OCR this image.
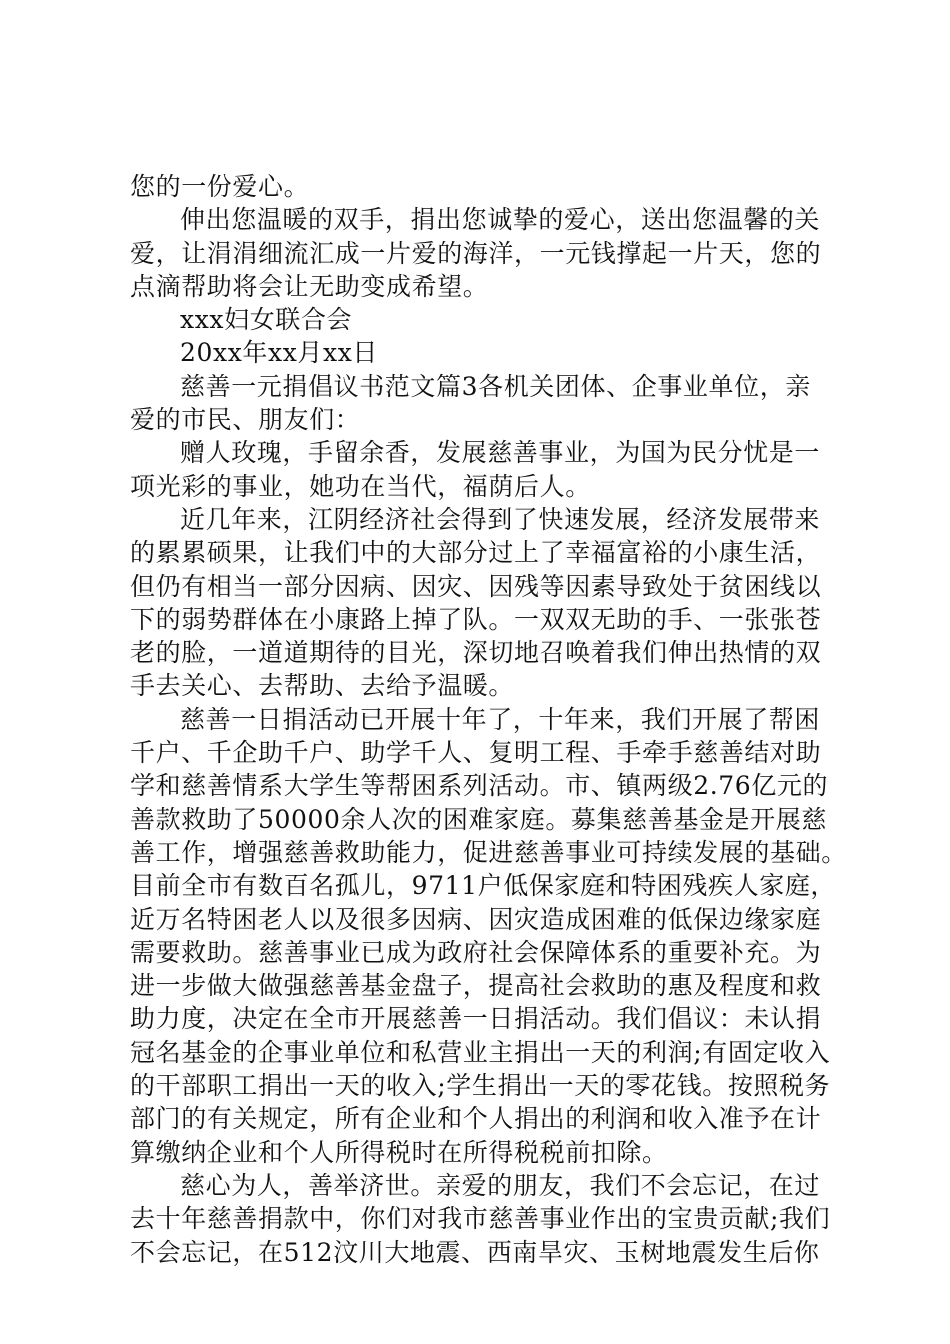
您的一份爱心。
伸出您温暖的双手，捐出您诚挚的爱心，送出您温馨的关
爱，让涓涓细流汇成一片爱的海洋，一元钱撑起一片天，您的
点滴帮助将会让无助变成希望。
xxx妇女联合会
20xx年xx月xx日
慈善一元捐倡议书范文篇3各机关团体、企事业单位，亲
爱的市民、朋友们：
赠人玫瑰，手留余香，发展慈善事业，为国为民分忧是一
项光彩的事业，她功在当代，福荫后人。
近几年来，江阴经济社会得到了快速发展，经济发展带来
的累累硕果，让我们中的大部分过上了幸福富裕的小康生活，
但仍有相当一部分因病、因灾、因残等因素导致处于贫困线以
下的弱势群体在小康路上掉了队。一双双无助的手、一张张苍
老的脸，一道道期待的目光，深切地召唤着我们伸出热情的双
手去关心、去帮助、去给予温暖。
慈善一日捐活动已开展十年了，十年来，我们开展了帮困
千户、千企助千户、助学千人、复明工程、手牵手慈善结对助
学和慈善情系大学生等帮困系列活动。市、镇两级2.76亿元的
善款救助了50000余人次的困难家庭。募集慈善基金是开展慈
善工作，增强慈善救助能力，促进慈善事业可持续发展的基础。
目前全市有数百名孤儿，9711户低保家庭和特困残疾人家庭，
近万名特困老人以及很多因病、因灾造成困难的低保边缘家庭
需要救助。慈善事业已成为政府社会保障体系的重要补充。为
进一步做大做强慈善基金盘子，提高社会救助的惠及程度和救
助力度，决定在全市开展慈善一日捐活动。我们倡议：未认捐
冠名基金的企事业单位和私营业主捐出一天的利润;有固定收入
的干部职工捐出一天的收入;学生捐出一天的零花钱。按照税务
部门的有关规定，所有企业和个人捐出的利润和收入准予在计
算缴纳企业和个人所得税时在所得税税前扣除。
慈心为人，善举济世。亲爱的朋友，我们不会忘记，在过
去十年慈善捐款中，你们对我市慈善事业作出的宝贵贡献;我们
不会忘记，在512汶川大地震、西南旱灾、玉树地震发生后你
